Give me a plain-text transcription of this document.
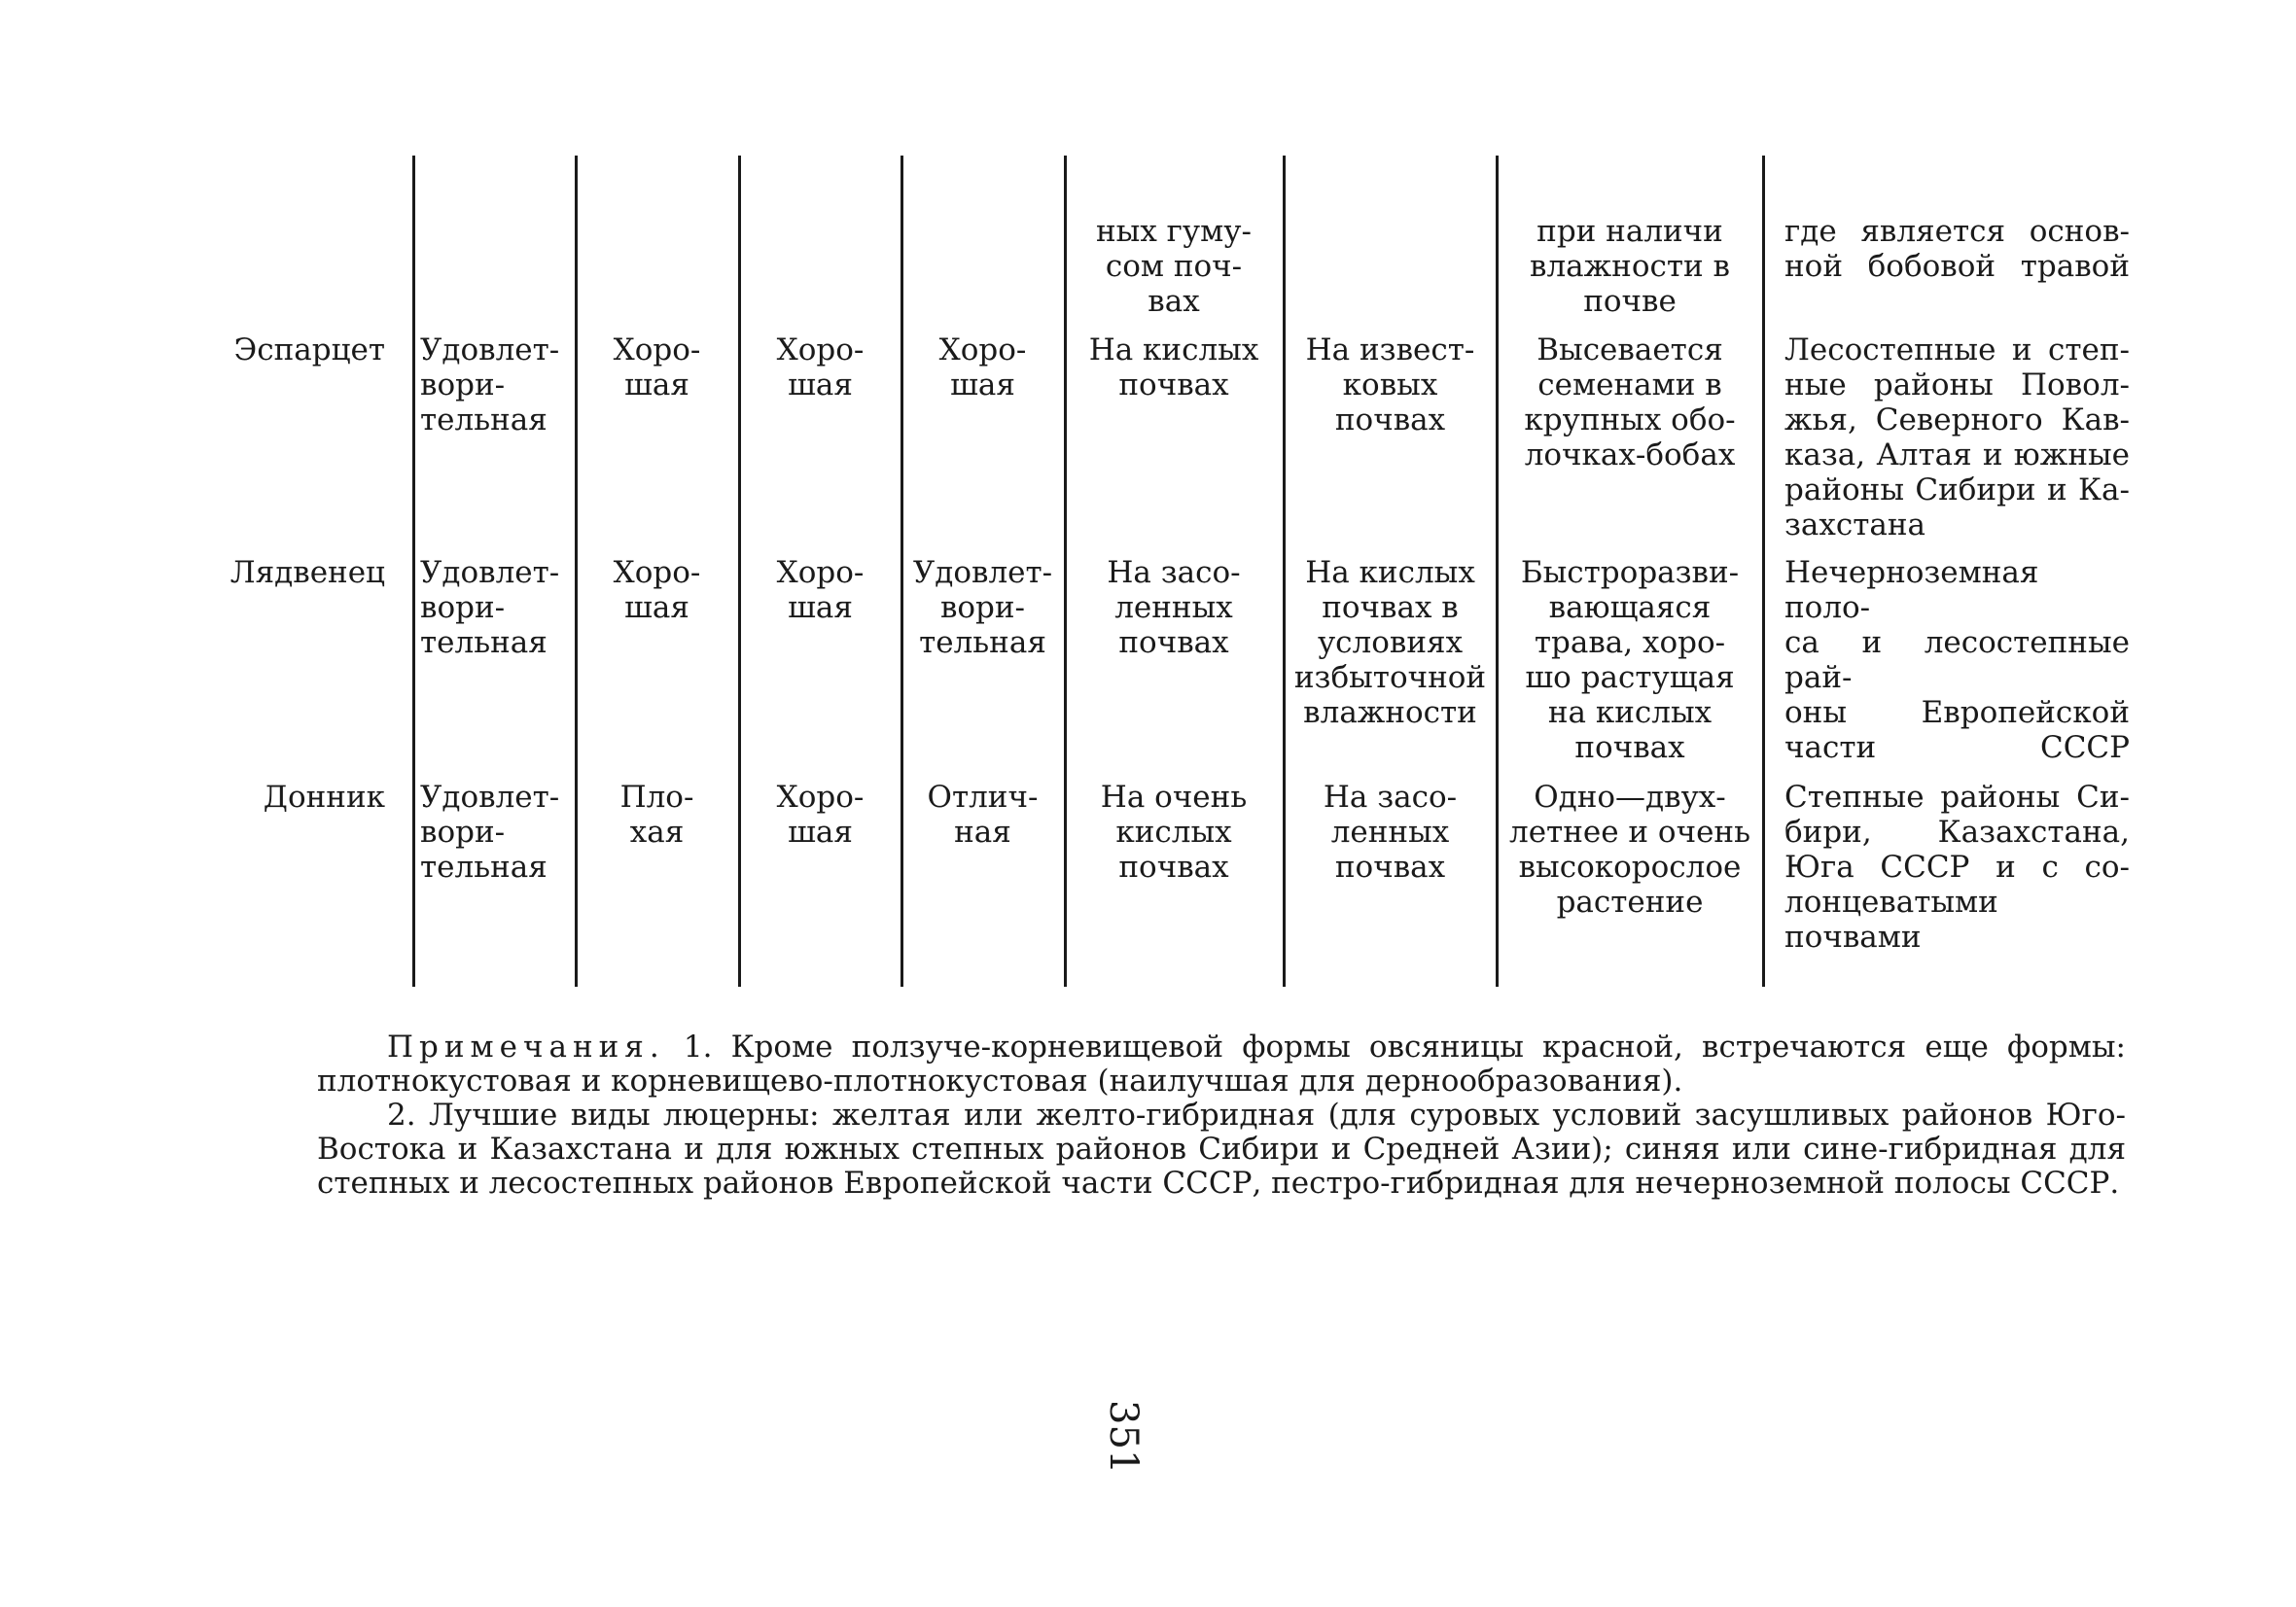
ных гуму-
сом поч-
вах
при наличи
влажности в
почве
где является основ-
ной бобовой травой
Эспарцет Удовлет-
вори-
тельная
Хоро-
шая
Хоро-
шая
Хоро-
шая
На кислых
почвах
На извест-
ковых
почвах
Высевается
семенами в
крупных обо-
лочках-бобах
Лесостепные и степ-
ные районы Повол-
жья, Северного Кав-
каза, Алтая и южные
районы Сибири и Ка-
захстана
Лядвенец Удовлет-
вори-
тельная
Хоро-
шая
Хоро-
шая
Удовлет-
вори-
тельная
На засо-
ленных
почвах
На кислых
почвах в
условиях
избыточной
влажности
Быстроразви-
вающаяся
трава, хоро-
шо растущая
на кислых
почвах
Нечерноземная поло-
са и лесостепные рай-
оны Европейской
части СССР
Донник Удовлет-
вори-
тельная
Пло-
хая
Хоро-
шая
Отлич-
ная
На очень
кислых
почвах
На засо-
ленных
почвах
Одно—двух-
летнее и очень
высокорослое
растение
Степные районы Си-
бири, Казахстана,
Юга СССР и с со-
лонцеватыми почвами

Примечания. 1. Кроме ползуче-корневищевой формы овсяницы красной, встречаются еще формы: плотнокустовая и корневищево-плотнокустовая (наилучшая для дернообразования).

2. Лучшие виды люцерны: желтая или желто-гибридная (для суровых условий засушливых районов Юго-Востока и Казахстана и для южных степных районов Сибири и Средней Азии); синяя или сине-гибридная для степных и лесостепных районов Европейской части СССР, пестро-гибридная для нечерноземной полосы СССР.

351
